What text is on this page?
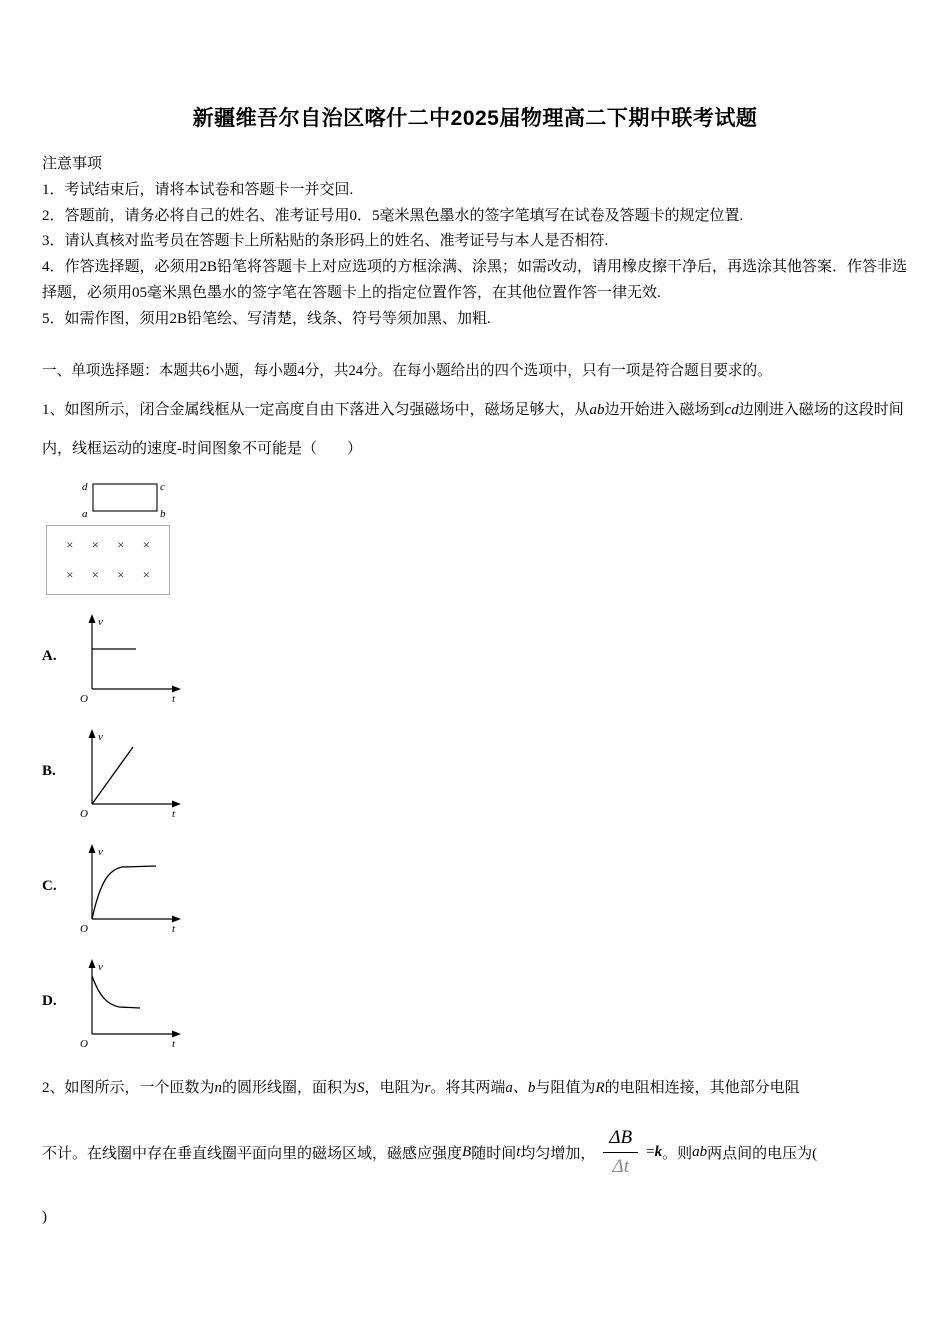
新疆维吾尔自治区喀什二中2025届物理高二下期中联考试题
注意事项
1．考试结束后，请将本试卷和答题卡一并交回.
2．答题前，请务必将自己的姓名、准考证号用0．5毫米黑色墨水的签字笔填写在试卷及答题卡的规定位置.
3．请认真核对监考员在答题卡上所粘贴的条形码上的姓名、准考证号与本人是否相符.
4．作答选择题，必须用2B铅笔将答题卡上对应选项的方框涂满、涂黑；如需改动，请用橡皮擦干净后，再选涂其他答案．作答非选择题，必须用05毫米黑色墨水的签字笔在答题卡上的指定位置作答，在其他位置作答一律无效.
5．如需作图，须用2B铅笔绘、写清楚，线条、符号等须加黑、加粗.

一、单项选择题：本题共6小题，每小题4分，共24分。在每小题给出的四个选项中，只有一项是符合题目要求的。

1、如图所示，闭合金属线框从一定高度自由下落进入匀强磁场中，磁场足够大，从ab边开始进入磁场到cd边刚进入磁场的这段时间内，线框运动的速度-时间图象不可能是（　　）

d	c
a	b
× × × ×
× × × ×
A.
v
t
O
B.
v
t
O
C.
v
t
O
D.
v
t
O

2、如图所示，一个匝数为n的圆形线圈，面积为S，电阻为r。将其两端a、b与阻值为R的电阻相连接，其他部分电阻

不计。在线圈中存在垂直线圈平面向里的磁场区域，磁感应强度 B 随时间 t 均匀增加， $\frac{\Delta B}{\Delta t} = k$ 。则 ab 两点间的电压为(

)
